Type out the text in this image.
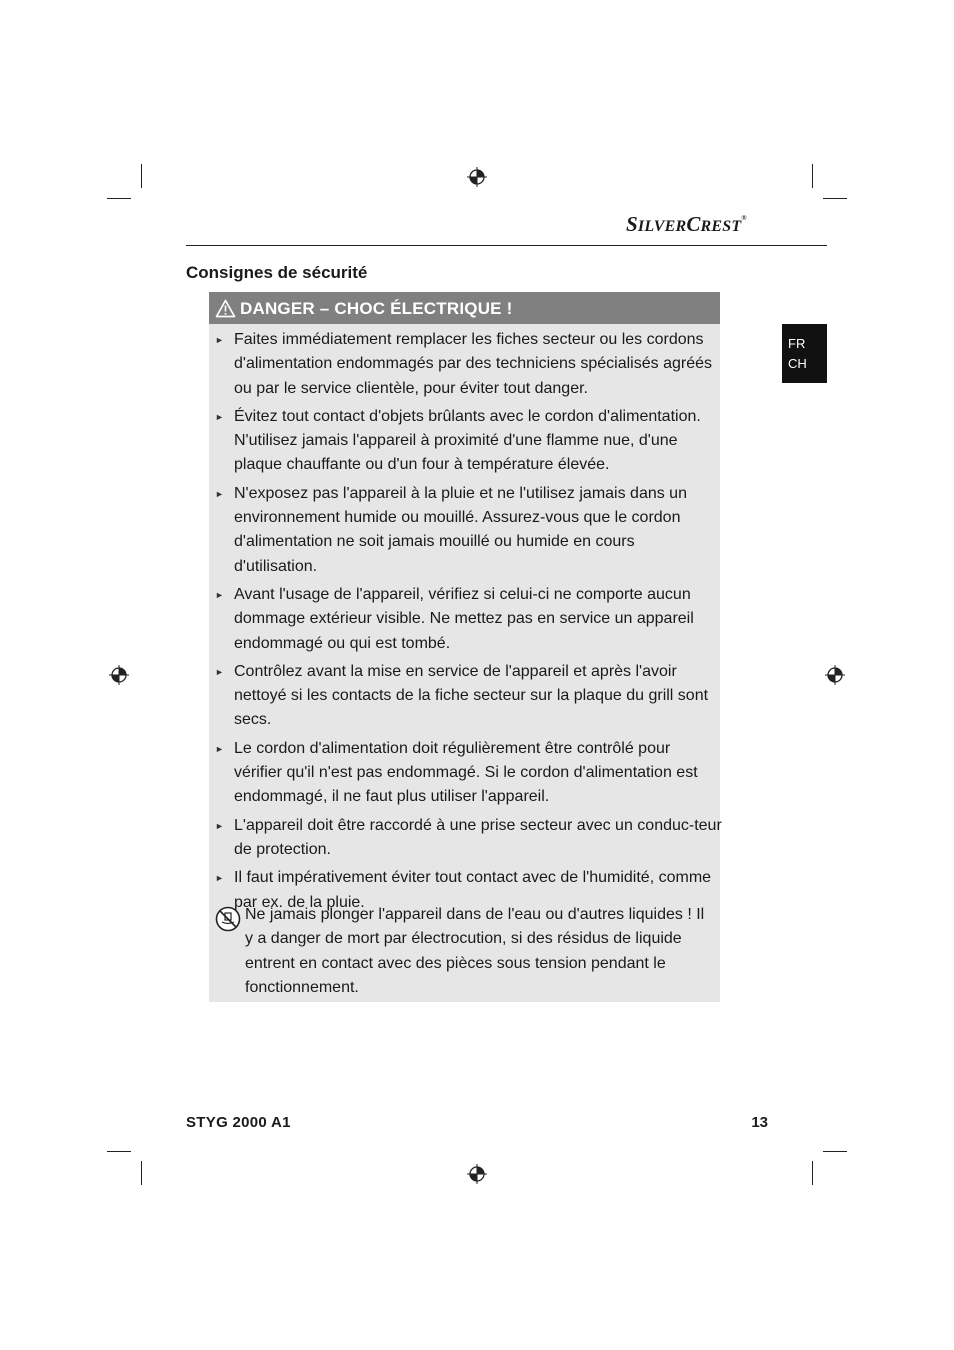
SILVERCREST®
Consignes de sécurité
FR
CH
DANGER – CHOC ÉLECTRIQUE !
► Faites immédiatement remplacer les fiches secteur ou les cordons d'alimentation endommagés par des techniciens spécialisés agréés ou par le service clientèle, pour éviter tout danger.
► Évitez tout contact d'objets brûlants avec le cordon d'alimentation. N'utilisez jamais l'appareil à proximité d'une flamme nue, d'une plaque chauffante ou d'un four à température élevée.
► N'exposez pas l'appareil à la pluie et ne l'utilisez jamais dans un environnement humide ou mouillé. Assurez-vous que le cordon d'alimentation ne soit jamais mouillé ou humide en cours d'utilisation.
► Avant l'usage de l'appareil, vérifiez si celui-ci ne comporte aucun dommage extérieur visible. Ne mettez pas en service un appareil endommagé ou qui est tombé.
► Contrôlez avant la mise en service de l'appareil et après l'avoir nettoyé si les contacts de la fiche secteur sur la plaque du grill sont secs.
► Le cordon d'alimentation doit régulièrement être contrôlé pour vérifier qu'il n'est pas endommagé. Si le cordon d'alimentation est endommagé, il ne faut plus utiliser l'appareil.
► L'appareil doit être raccordé à une prise secteur avec un conduc-teur de protection.
► Il faut impérativement éviter tout contact avec de l'humidité, comme par ex. de la pluie.
Ne jamais plonger l'appareil dans de l'eau ou d'autres liquides ! Il y a danger de mort par électrocution, si des résidus de liquide entrent en contact avec des pièces sous tension pendant le fonctionnement.
STYG 2000 A1	13
